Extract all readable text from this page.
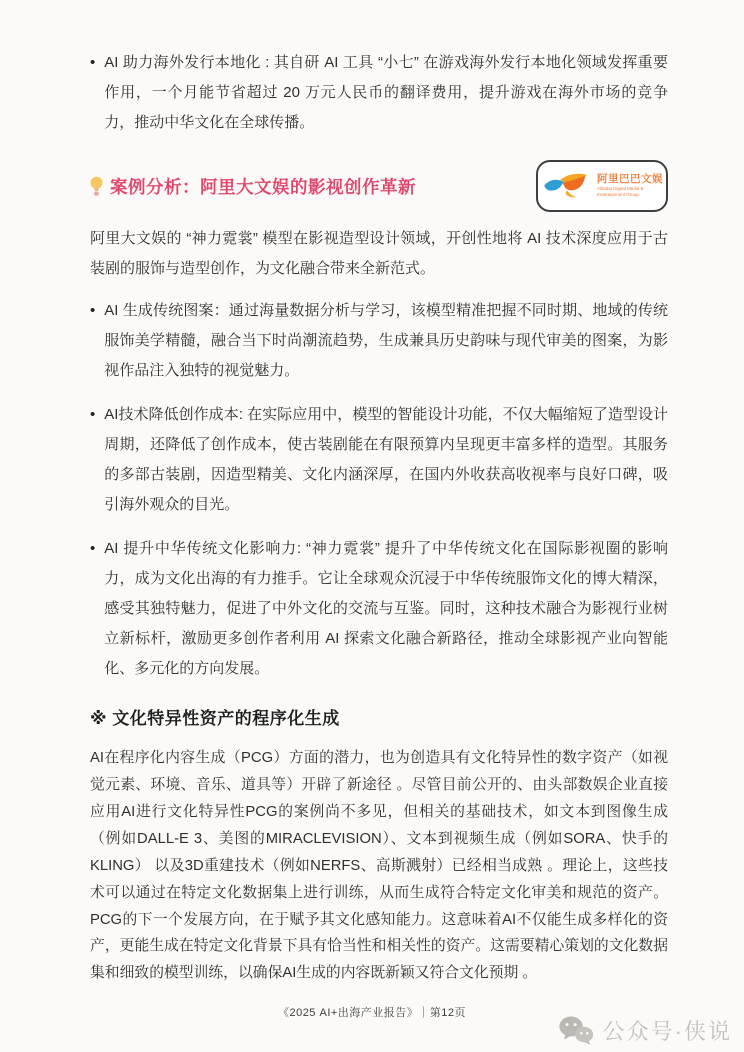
• AI 助力海外发行本地化 : 其自研 AI 工具 “小七” 在游戏海外发行本地化领域发挥重要作用，一个月能节省超过 20 万元人民币的翻译费用，提升游戏在海外市场的竞争力，推动中华文化在全球传播。
案例分析：阿里大文娱的影视创作革新	阿里巴巴文娱
Alibaba Digital Media &
Entertainment Group

阿里大文娱的 “神力霓裳” 模型在影视造型设计领域，开创性地将 AI 技术深度应用于古装剧的服饰与造型创作，为文化融合带来全新范式。

• AI 生成传统图案：通过海量数据分析与学习，该模型精准把握不同时期、地域的传统服饰美学精髓，融合当下时尚潮流趋势，生成兼具历史韵味与现代审美的图案，为影视作品注入独特的视觉魅力。
• AI技术降低创作成本: 在实际应用中，模型的智能设计功能，不仅大幅缩短了造型设计周期，还降低了创作成本，使古装剧能在有限预算内呈现更丰富多样的造型。其服务的多部古装剧，因造型精美、文化内涵深厚，在国内外收获高收视率与良好口碑，吸引海外观众的目光。
• AI 提升中华传统文化影响力: “神力霓裳” 提升了中华传统文化在国际影视圈的影响力，成为文化出海的有力推手。它让全球观众沉浸于中华传统服饰文化的博大精深，感受其独特魅力，促进了中外文化的交流与互鉴。同时，这种技术融合为影视行业树立新标杆，激励更多创作者利用 AI 探索文化融合新路径，推动全球影视产业向智能化、多元化的方向发展。
※ 文化特异性资产的程序化生成

AI在程序化内容生成（PCG）方面的潜力，也为创造具有文化特异性的数字资产（如视觉元素、环境、音乐、道具等）开辟了新途径 。尽管目前公开的、由头部数娱企业直接应用AI进行文化特异性PCG的案例尚不多见，但相关的基础技术，如文本到图像生成（例如DALL-E 3、美图的MIRACLEVISION）、文本到视频生成（例如SORA、快手的KLING） 以及3D重建技术（例如NERFS、高斯溅射）已经相当成熟 。理论上，这些技术可以通过在特定文化数据集上进行训练，从而生成符合特定文化审美和规范的资产。PCG的下一个发展方向，在于赋予其文化感知能力。这意味着AI不仅能生成多样化的资产，更能生成在特定文化背景下具有恰当性和相关性的资产。这需要精心策划的文化数据集和细致的模型训练，以确保AI生成的内容既新颖又符合文化预期 。

《2025 AI+出海产业报告》｜第12页
公众号·侠说
